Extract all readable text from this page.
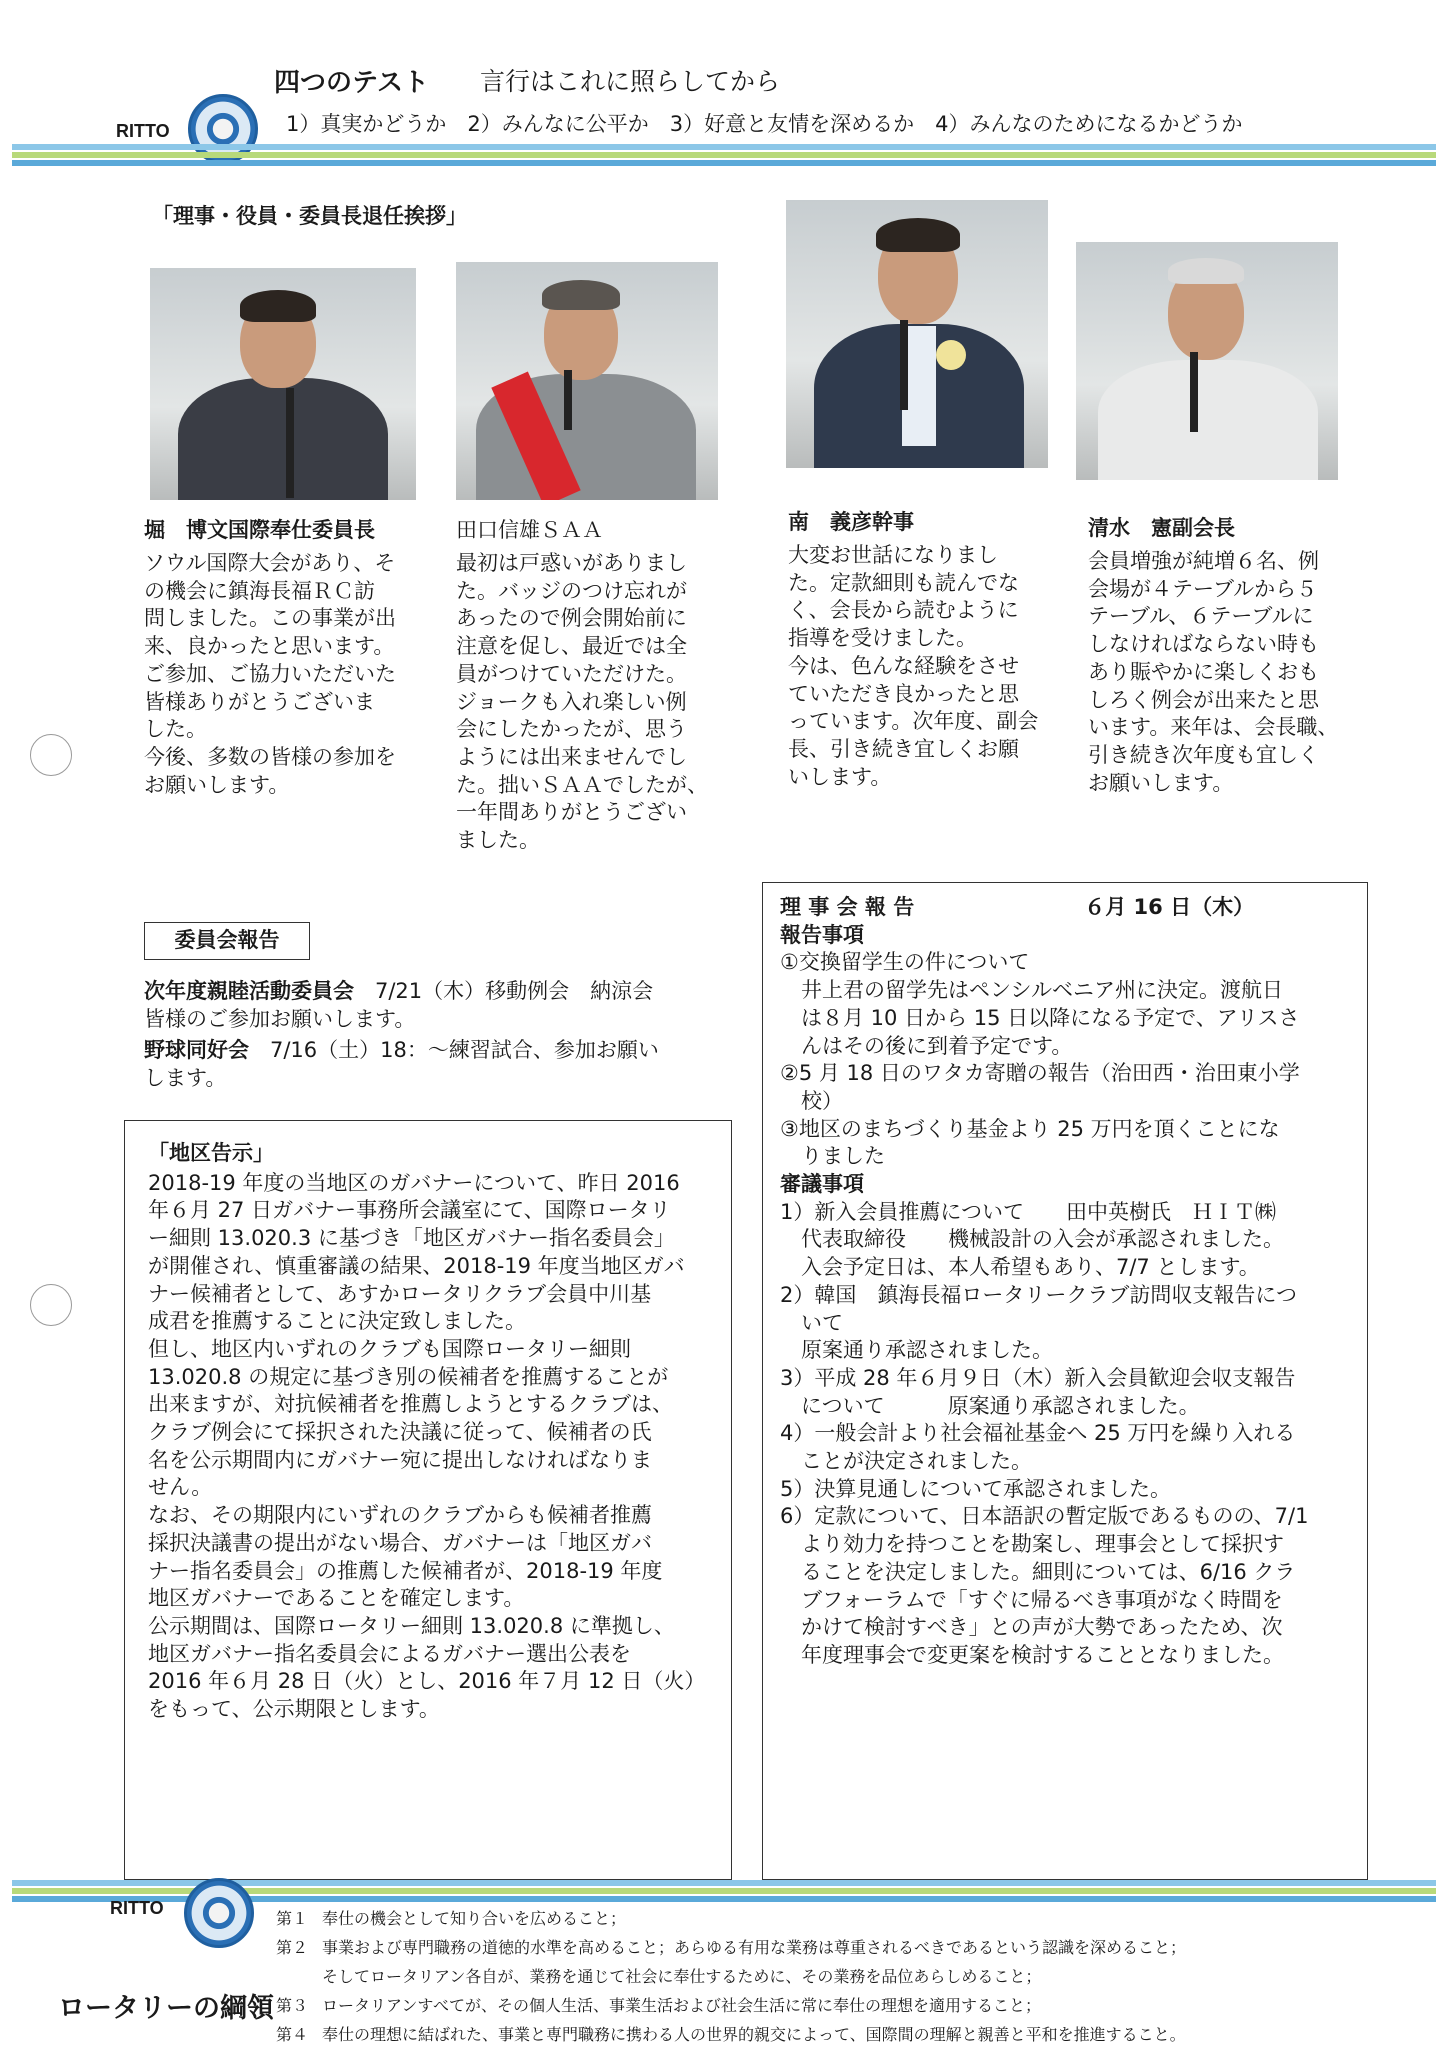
RITTO
四つのテスト 言行はこれに照らしてから
1）真実かどうか　2）みんなに公平か　3）好意と友情を深めるか　4）みんなのためになるかどうか
「理事・役員・委員長退任挨拶」
堀　博文国際奉仕委員長
ソウル国際大会があり、そ
の機会に鎮海長福ＲＣ訪
問しました。この事業が出
来、良かったと思います。
ご参加、ご協力いただいた
皆様ありがとうございま
した。
今後、多数の皆様の参加を
お願いします。
田口信雄ＳＡＡ
最初は戸惑いがありまし
た。バッジのつけ忘れが
あったので例会開始前に
注意を促し、最近では全
員がつけていただけた。
ジョークも入れ楽しい例
会にしたかったが、思う
ようには出来ませんでし
た。拙いＳＡＡでしたが、
一年間ありがとうござい
ました。
南　義彦幹事
大変お世話になりまし
た。定款細則も読んでな
く、会長から読むように
指導を受けました。
今は、色んな経験をさせ
ていただき良かったと思
っています。次年度、副会
長、引き続き宜しくお願
いします。
清水　憲副会長
会員増強が純増６名、例
会場が４テーブルから５
テーブル、６テーブルに
しなければならない時も
あり賑やかに楽しくおも
しろく例会が出来たと思
います。来年は、会長職、
引き続き次年度も宜しく
お願いします。
委員会報告
次年度親睦活動委員会　 7/21（木）移動例会　納涼会
皆様のご参加お願いします。
野球同好会　 7/16（土）18：～練習試合、参加お願い
します。
「地区告示」
2018-19 年度の当地区のガバナーについて、昨日 2016
年６月 27 日ガバナー事務所会議室にて、国際ロータリ
ー細則 13.020.3 に基づき「地区ガバナー指名委員会」
が開催され、慎重審議の結果、2018-19 年度当地区ガバ
ナー候補者として、あすかロータリクラブ会員中川基
成君を推薦することに決定致しました。
但し、地区内いずれのクラブも国際ロータリー細則
13.020.8 の規定に基づき別の候補者を推薦することが
出来ますが、対抗候補者を推薦しようとするクラブは、
クラブ例会にて採択された決議に従って、候補者の氏
名を公示期間内にガバナー宛に提出しなければなりま
せん。
なお、その期限内にいずれのクラブからも候補者推薦
採択決議書の提出がない場合、ガバナーは「地区ガバ
ナー指名委員会」の推薦した候補者が、2018-19 年度
地区ガバナーであることを確定します。
公示期間は、国際ロータリー細則 13.020.8 に準拠し、
地区ガバナー指名委員会によるガバナー選出公表を
2016 年６月 28 日（火）とし、2016 年７月 12 日（火）
をもって、公示期限とします。
理 事 会 報 告	６月 16 日（木）
報告事項
①交換留学生の件について
　井上君の留学先はペンシルベニア州に決定。渡航日
　は８月 10 日から 15 日以降になる予定で、アリスさ
　んはその後に到着予定です。
②5 月 18 日のワタカ寄贈の報告（治田西・治田東小学
　校）
③地区のまちづくり基金より 25 万円を頂くことにな
　りました
審議事項
1）新入会員推薦について　　田中英樹氏　ＨＩＴ㈱
　代表取締役　　機械設計の入会が承認されました。
　入会予定日は、本人希望もあり、7/7 とします。
2）韓国　鎮海長福ロータリークラブ訪問収支報告につ
　いて
　原案通り承認されました。
3）平成 28 年６月９日（木）新入会員歓迎会収支報告
　について　　　原案通り承認されました。
4）一般会計より社会福祉基金へ 25 万円を繰り入れる
　ことが決定されました。
5）決算見通しについて承認されました。
6）定款について、日本語訳の暫定版であるものの、7/1
　より効力を持つことを勘案し、理事会として採択す
　ることを決定しました。細則については、6/16 クラ
　ブフォーラムで「すぐに帰るべき事項がなく時間を
　かけて検討すべき」との声が大勢であったため、次
　年度理事会で変更案を検討することとなりました。
RITTO
ロータリーの綱領
第１ 奉仕の機会として知り合いを広めること；
第２ 事業および専門職務の道徳的水準を高めること；あらゆる有用な業務は尊重されるべきであるという認識を深めること；
そしてロータリアン各自が、業務を通じて社会に奉仕するために、その業務を品位あらしめること；
第３ ロータリアンすべてが、その個人生活、事業生活および社会生活に常に奉仕の理想を適用すること；
第４ 奉仕の理想に結ばれた、事業と専門職務に携わる人の世界的親交によって、国際間の理解と親善と平和を推進すること。
